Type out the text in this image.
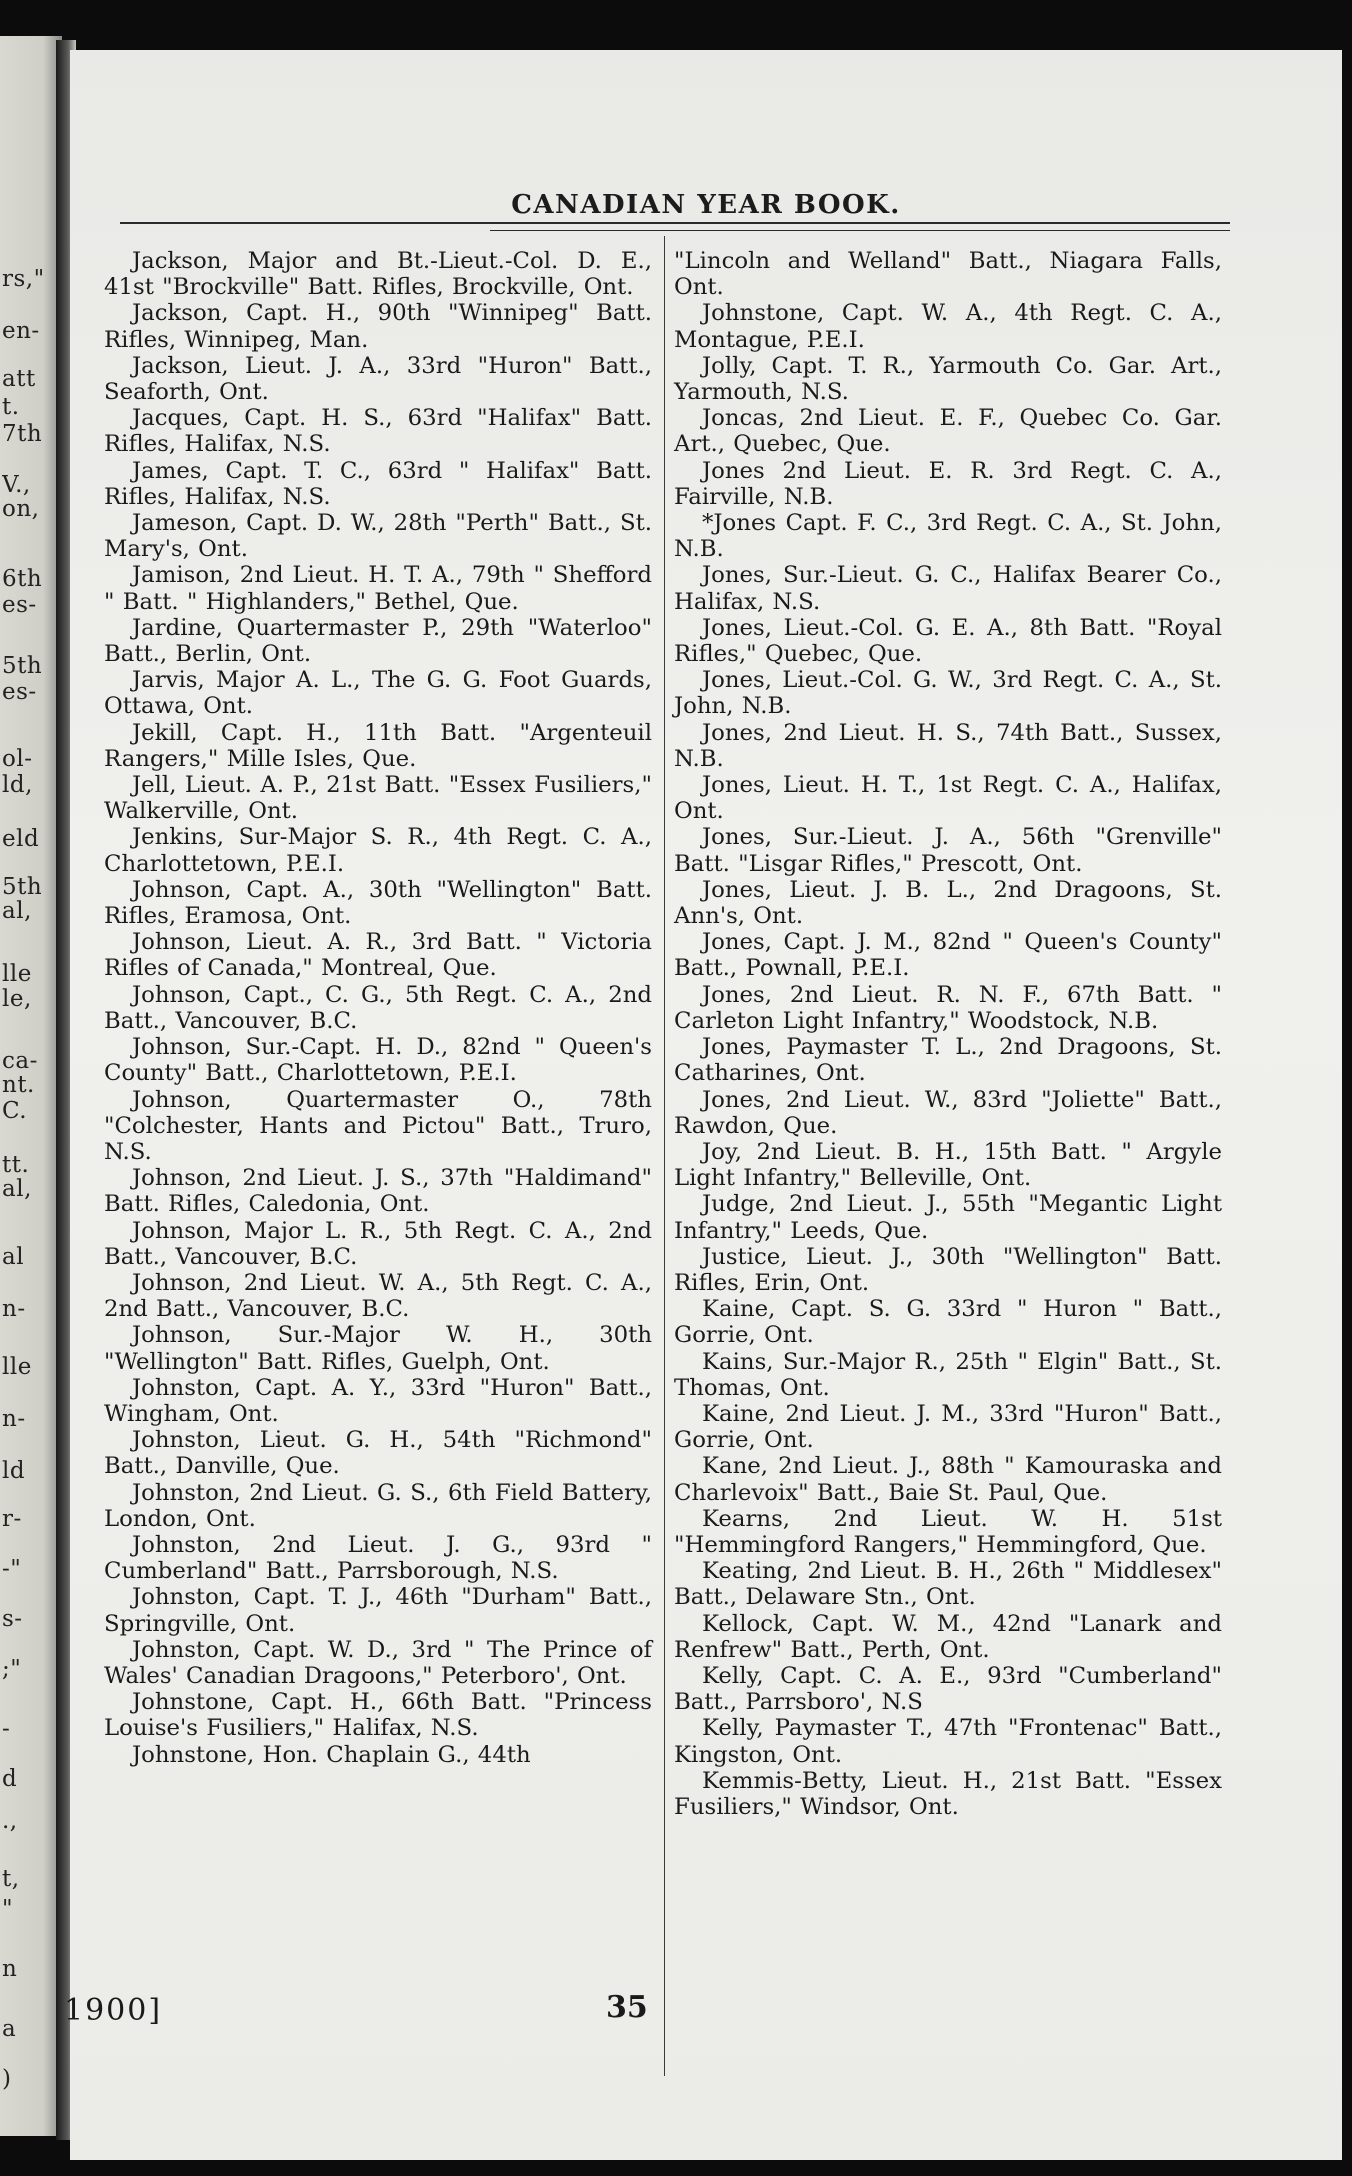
rs,"
en-
att
t.
7th
V.,
on,
6th
es-
5th
es-
ol-
ld,
eld
5th
al,
lle
le,
ca-
nt.
C.
tt.
al,
al
n-
lle
n-
ld
r-
-"
s-
;"
-
d
.,
t,
"
n
a
)
CANADIAN YEAR BOOK.

Jackson, Major and Bt.-Lieut.-Col. D. E., 41st "Brockville" Batt. Rifles, Brockville, Ont.

Jackson, Capt. H., 90th "Winnipeg" Batt. Rifles, Winnipeg, Man.

Jackson, Lieut. J. A., 33rd "Huron" Batt., Seaforth, Ont.

Jacques, Capt. H. S., 63rd "Halifax" Batt. Rifles, Halifax, N.S.

James, Capt. T. C., 63rd " Halifax" Batt. Rifles, Halifax, N.S.

Jameson, Capt. D. W., 28th "Perth" Batt., St. Mary's, Ont.

Jamison, 2nd Lieut. H. T. A., 79th " Shefford " Batt. " Highlanders," Bethel, Que.

Jardine, Quartermaster P., 29th "Waterloo" Batt., Berlin, Ont.

Jarvis, Major A. L., The G. G. Foot Guards, Ottawa, Ont.

Jekill, Capt. H., 11th Batt. "Argenteuil Rangers," Mille Isles, Que.

Jell, Lieut. A. P., 21st Batt. "Essex Fusiliers," Walkerville, Ont.

Jenkins, Sur-Major S. R., 4th Regt. C. A., Charlottetown, P.E.I.

Johnson, Capt. A., 30th "Wellington" Batt. Rifles, Eramosa, Ont.

Johnson, Lieut. A. R., 3rd Batt. " Victoria Rifles of Canada," Montreal, Que.

Johnson, Capt., C. G., 5th Regt. C. A., 2nd Batt., Vancouver, B.C.

Johnson, Sur.-Capt. H. D., 82nd " Queen's County" Batt., Charlottetown, P.E.I.

Johnson, Quartermaster O., 78th "Colchester, Hants and Pictou" Batt., Truro, N.S.

Johnson, 2nd Lieut. J. S., 37th "Haldimand" Batt. Rifles, Caledonia, Ont.

Johnson, Major L. R., 5th Regt. C. A., 2nd Batt., Vancouver, B.C.

Johnson, 2nd Lieut. W. A., 5th Regt. C. A., 2nd Batt., Vancouver, B.C.

Johnson, Sur.-Major W. H., 30th "Wellington" Batt. Rifles, Guelph, Ont.

Johnston, Capt. A. Y., 33rd "Huron" Batt., Wingham, Ont.

Johnston, Lieut. G. H., 54th "Richmond" Batt., Danville, Que.

Johnston, 2nd Lieut. G. S., 6th Field Battery, London, Ont.

Johnston, 2nd Lieut. J. G., 93rd " Cumberland" Batt., Parrsborough, N.S.

Johnston, Capt. T. J., 46th "Durham" Batt., Springville, Ont.

Johnston, Capt. W. D., 3rd " The Prince of Wales' Canadian Dragoons," Peterboro', Ont.

Johnstone, Capt. H., 66th Batt. "Princess Louise's Fusiliers," Halifax, N.S.

Johnstone, Hon. Chaplain G., 44th

"Lincoln and Welland" Batt., Niagara Falls, Ont.

Johnstone, Capt. W. A., 4th Regt. C. A., Montague, P.E.I.

Jolly, Capt. T. R., Yarmouth Co. Gar. Art., Yarmouth, N.S.

Joncas, 2nd Lieut. E. F., Quebec Co. Gar. Art., Quebec, Que.

Jones 2nd Lieut. E. R. 3rd Regt. C. A., Fairville, N.B.

*Jones Capt. F. C., 3rd Regt. C. A., St. John, N.B.

Jones, Sur.-Lieut. G. C., Halifax Bearer Co., Halifax, N.S.

Jones, Lieut.-Col. G. E. A., 8th Batt. "Royal Rifles," Quebec, Que.

Jones, Lieut.-Col. G. W., 3rd Regt. C. A., St. John, N.B.

Jones, 2nd Lieut. H. S., 74th Batt., Sussex, N.B.

Jones, Lieut. H. T., 1st Regt. C. A., Halifax, Ont.

Jones, Sur.-Lieut. J. A., 56th "Grenville" Batt. "Lisgar Rifles," Prescott, Ont.

Jones, Lieut. J. B. L., 2nd Dragoons, St. Ann's, Ont.

Jones, Capt. J. M., 82nd " Queen's County" Batt., Pownall, P.E.I.

Jones, 2nd Lieut. R. N. F., 67th Batt. " Carleton Light Infantry," Woodstock, N.B.

Jones, Paymaster T. L., 2nd Dragoons, St. Catharines, Ont.

Jones, 2nd Lieut. W., 83rd "Joliette" Batt., Rawdon, Que.

Joy, 2nd Lieut. B. H., 15th Batt. " Argyle Light Infantry," Belleville, Ont.

Judge, 2nd Lieut. J., 55th "Megantic Light Infantry," Leeds, Que.

Justice, Lieut. J., 30th "Wellington" Batt. Rifles, Erin, Ont.

Kaine, Capt. S. G. 33rd " Huron " Batt., Gorrie, Ont.

Kains, Sur.-Major R., 25th " Elgin" Batt., St. Thomas, Ont.

Kaine, 2nd Lieut. J. M., 33rd "Huron" Batt., Gorrie, Ont.

Kane, 2nd Lieut. J., 88th " Kamouraska and Charlevoix" Batt., Baie St. Paul, Que.

Kearns, 2nd Lieut. W. H. 51st "Hemmingford Rangers," Hemmingford, Que.

Keating, 2nd Lieut. B. H., 26th " Middlesex" Batt., Delaware Stn., Ont.

Kellock, Capt. W. M., 42nd "Lanark and Renfrew" Batt., Perth, Ont.

Kelly, Capt. C. A. E., 93rd "Cumberland" Batt., Parrsboro', N.S

Kelly, Paymaster T., 47th "Frontenac" Batt., Kingston, Ont.

Kemmis-Betty, Lieut. H., 21st Batt. "Essex Fusiliers," Windsor, Ont.

1900]	35
